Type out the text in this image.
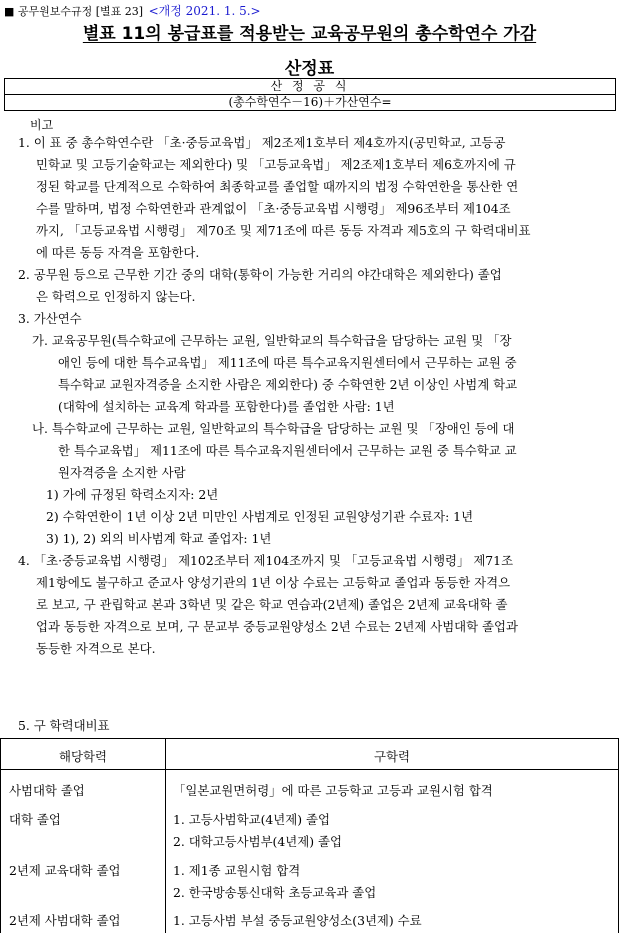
■ 공무원보수규정 [별표 23] <개정 2021. 1. 5.>
별표 11의 봉급표를 적용받는 교육공무원의 총수학연수 가감
산정표
산 정 공 식
(총수학연수－16)＋가산연수=
비고
1. 이 표 중 총수학연수란 「초·중등교육법」 제2조제1호부터 제4호까지(공민학교, 고등공
민학교 및 고등기술학교는 제외한다) 및 「고등교육법」 제2조제1호부터 제6호까지에 규
정된 학교를 단계적으로 수학하여 최종학교를 졸업할 때까지의 법정 수학연한을 통산한 연
수를 말하며, 법정 수학연한과 관계없이 「초·중등교육법 시행령」 제96조부터 제104조
까지, 「고등교육법 시행령」 제70조 및 제71조에 따른 동등 자격과 제5호의 구 학력대비표
에 따른 동등 자격을 포함한다.
2. 공무원 등으로 근무한 기간 중의 대학(통학이 가능한 거리의 야간대학은 제외한다) 졸업
은 학력으로 인정하지 않는다.
3. 가산연수
가. 교육공무원(특수학교에 근무하는 교원, 일반학교의 특수학급을 담당하는 교원 및 「장
애인 등에 대한 특수교육법」 제11조에 따른 특수교육지원센터에서 근무하는 교원 중
특수학교 교원자격증을 소지한 사람은 제외한다) 중 수학연한 2년 이상인 사범계 학교
(대학에 설치하는 교육계 학과를 포함한다)를 졸업한 사람: 1년
나. 특수학교에 근무하는 교원, 일반학교의 특수학급을 담당하는 교원 및 「장애인 등에 대
한 특수교육법」 제11조에 따른 특수교육지원센터에서 근무하는 교원 중 특수학교 교
원자격증을 소지한 사람
1) 가에 규정된 학력소지자: 2년
2) 수학연한이 1년 이상 2년 미만인 사범계로 인정된 교원양성기관 수료자: 1년
3) 1), 2) 외의 비사범계 학교 졸업자: 1년
4. 「초·중등교육법 시행령」 제102조부터 제104조까지 및 「고등교육법 시행령」 제71조
제1항에도 불구하고 준교사 양성기관의 1년 이상 수료는 고등학교 졸업과 동등한 자격으
로 보고, 구 관립학교 본과 3학년 및 같은 학교 연습과(2년제) 졸업은 2년제 교육대학 졸
업과 동등한 자격으로 보며, 구 문교부 중등교원양성소 2년 수료는 2년제 사범대학 졸업과
동등한 자격으로 본다.
5. 구 학력대비표
해당학력	구학력
사범대학 졸업	「일본교원면허령」에 따른 고등학교 고등과 교원시험 합격
대학 졸업	1. 고등사범학교(4년제) 졸업
2. 대학고등사범부(4년제) 졸업
2년제 교육대학 졸업	1. 제1종 교원시험 합격
2. 한국방송통신대학 초등교육과 졸업
2년제 사범대학 졸업	1. 고등사범 부설 중등교원양성소(3년제) 수료
